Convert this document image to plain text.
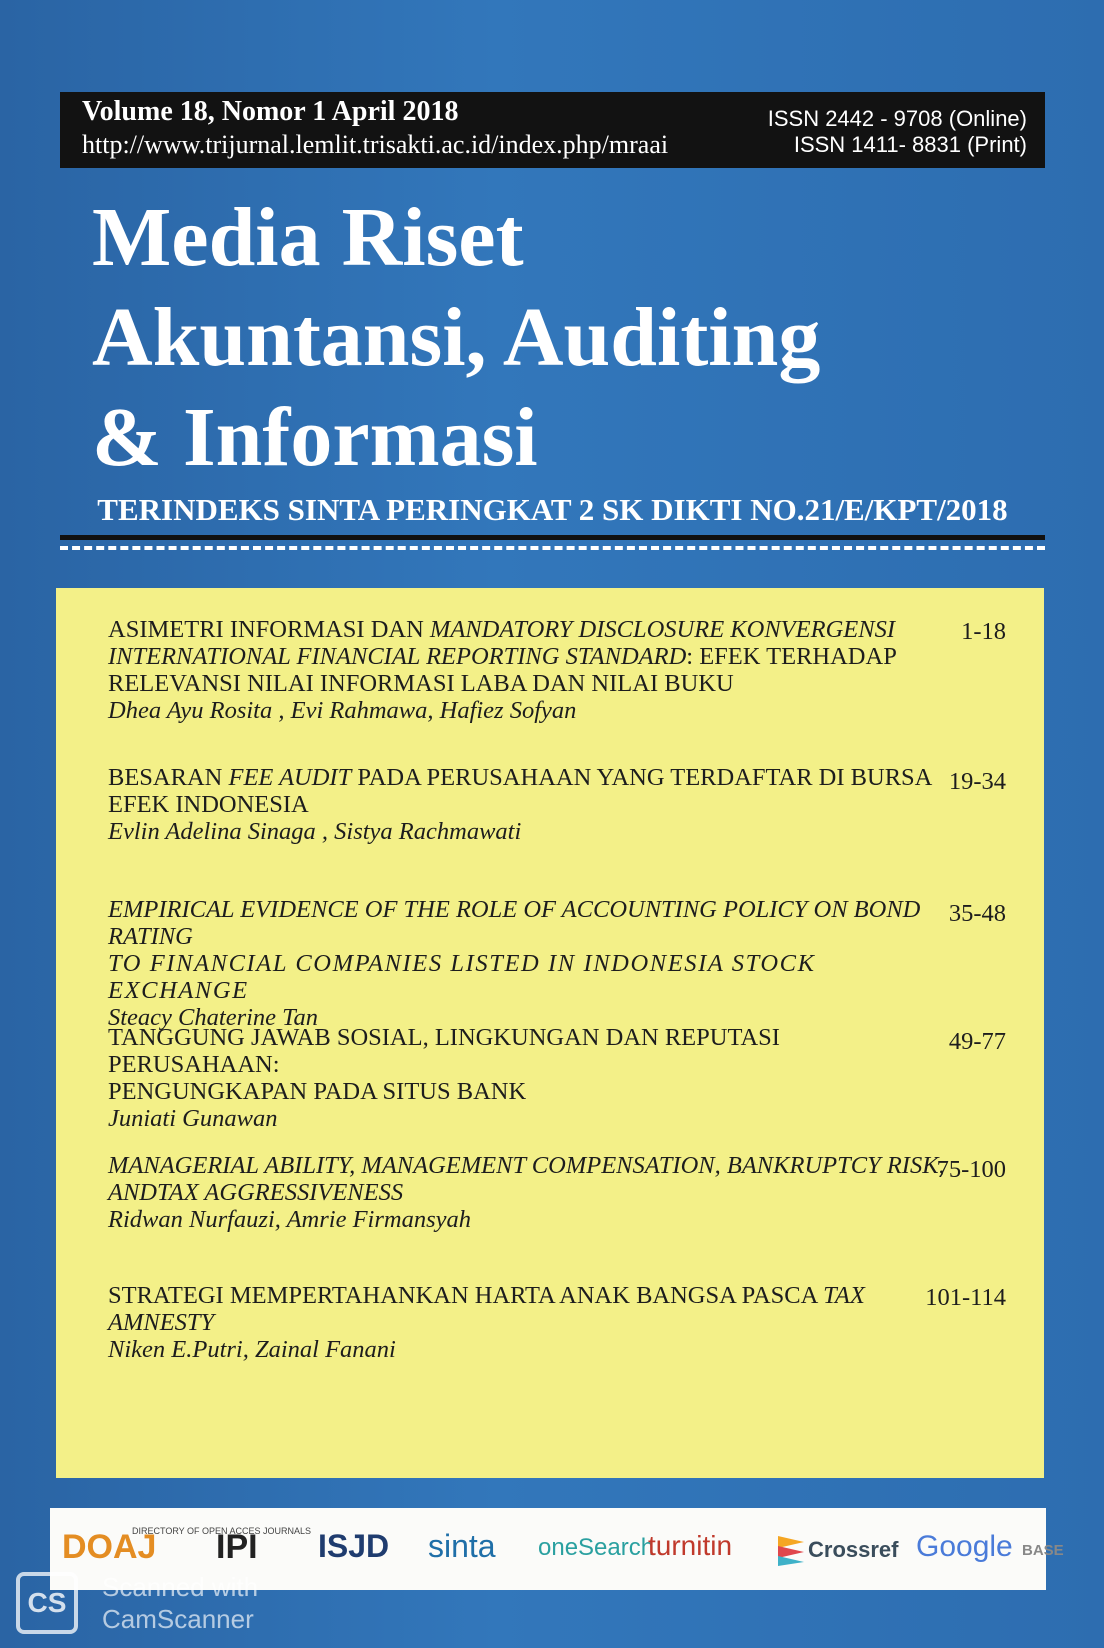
Volume 18, Nomor 1 April 2018
http://www.trijurnal.lemlit.trisakti.ac.id/index.php/mraai
ISSN 2442 - 9708 (Online)
ISSN 1411- 8831 (Print)
Media Riset
Akuntansi, Auditing
& Informasi
TERINDEKS SINTA PERINGKAT 2 SK DIKTI NO.21/E/KPT/2018
ASIMETRI INFORMASI DAN MANDATORY DISCLOSURE KONVERGENSI
INTERNATIONAL FINANCIAL REPORTING STANDARD: EFEK TERHADAP
RELEVANSI NILAI INFORMASI LABA DAN NILAI BUKU
Dhea Ayu Rosita , Evi Rahmawa, Hafiez Sofyan
1-18
BESARAN FEE AUDIT PADA PERUSAHAAN YANG TERDAFTAR DI BURSA
EFEK INDONESIA
Evlin Adelina Sinaga , Sistya Rachmawati
19-34
EMPIRICAL EVIDENCE OF THE ROLE OF ACCOUNTING POLICY ON BOND RATING
TO FINANCIAL COMPANIES LISTED IN INDONESIA STOCK EXCHANGE
Steacy Chaterine Tan
35-48
TANGGUNG JAWAB SOSIAL, LINGKUNGAN DAN REPUTASI PERUSAHAAN:
PENGUNGKAPAN PADA SITUS BANK
Juniati Gunawan
49-77
MANAGERIAL ABILITY, MANAGEMENT COMPENSATION, BANKRUPTCY RISK,
ANDTAX AGGRESSIVENESS
Ridwan Nurfauzi, Amrie Firmansyah
75-100
STRATEGI MEMPERTAHANKAN HARTA ANAK BANGSA PASCA TAX AMNESTY
Niken E.Putri, Zainal Fanani
101-114
DOAJ
DIRECTORY OF OPEN ACCES JOURNALS
IPI ISJD sinta oneSearch
turnitin	Crossref Google BASE
CS	Scanned with
CamScanner
